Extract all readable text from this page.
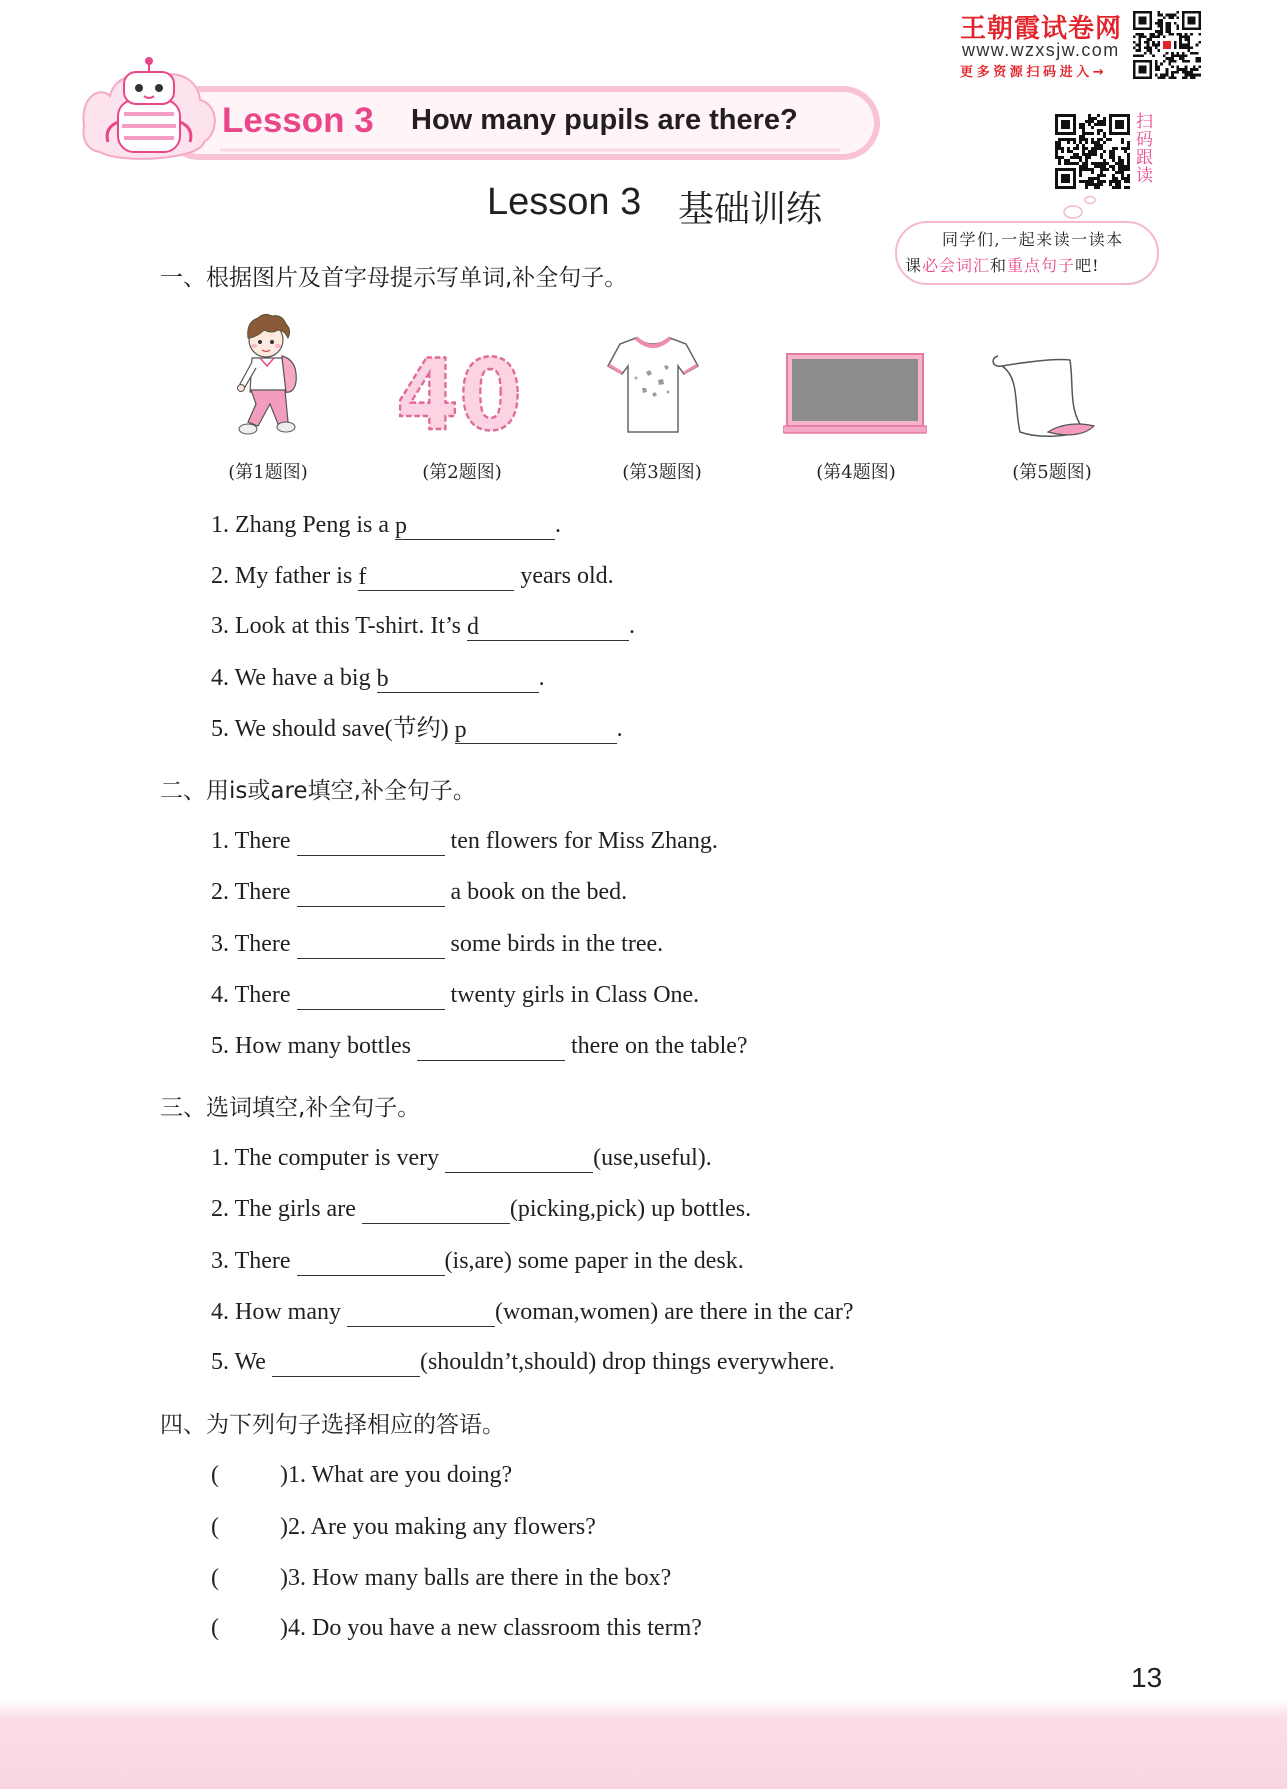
王朝霞试卷网
www.wzxsjw.com
更多资源扫码进入→
Lesson 3 How many pupils are there?	扫码跟读
Lesson 3 基础训练
同学们,一起来读一读本
课必会词汇和重点句子吧!
一、根据图片及首字母提示写单词,补全句子。
40
(第1题图)	(第2题图)	(第3题图)	(第4题图)	(第5题图)
1. Zhang Peng is a p	.
2. My father is f	years old.
3. Look at this T-shirt. It’s d	.
4. We have a big b	.
5. We should save(节约) p	.
二、用is或are填空,补全句子。
1. There	ten flowers for Miss Zhang.
2. There	a book on the bed.
3. There	some birds in the tree.
4. There	twenty girls in Class One.
5. How many bottles	there on the table?
三、选词填空,补全句子。
1. The computer is very	(use,useful).
2. The girls are	(picking,pick) up bottles.
3. There	(is,are) some paper in the desk.
4. How many	(woman,women) are there in the car?
5. We	(shouldn’t,should) drop things everywhere.
四、为下列句子选择相应的答语。
(	)1. What are you doing?
(	)2. Are you making any flowers?
(	)3. How many balls are there in the box?
(	)4. Do you have a new classroom this term?
13
